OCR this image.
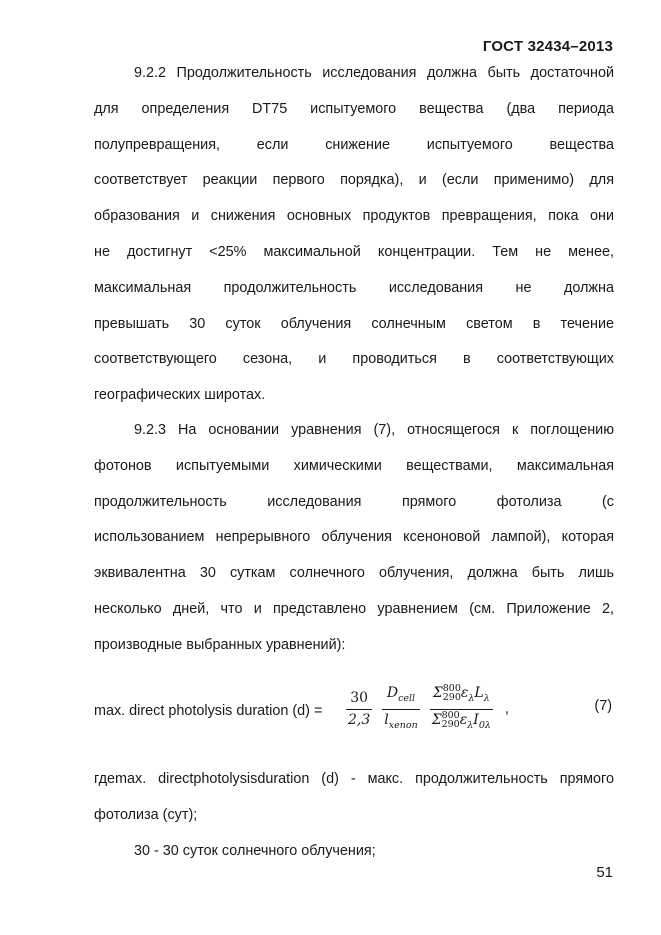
ГОСТ 32434–2013
9.2.2 Продолжительность исследования должна быть достаточной
для определения DT75 испытуемого вещества (два периода
полупревращения, если снижение испытуемого вещества
соответствует реакции первого порядка), и (если применимо) для
образования и снижения основных продуктов превращения, пока они
не достигнут <25% максимальной концентрации. Тем не менее,
максимальная продолжительность исследования не должна
превышать 30 суток облучения солнечным светом в течение
соответствующего сезона, и проводиться в соответствующих
географических широтах.
9.2.3 На основании уравнения (7), относящегося к поглощению
фотонов испытуемыми химическими веществами, максимальная
продолжительность исследования прямого фотолиза (с
использованием непрерывного облучения ксеноновой лампой), которая
эквивалентна 30 суткам солнечного облучения, должна быть лишь
несколько дней, что и представлено уравнением (см. Приложение 2,
производные выбранных уравнений):
max. direct photolysis duration $(d) = \frac{30}{2,3}$
$\frac{D_{cell}}{l_{xenon}}$
Σ 800
290 $\varepsilon_\lambda L_\lambda$
Σ 800
290 $\varepsilon_\lambda I_{0\lambda}$ ,	(7)
гдеmax. directphotolysisduration (d) - макс. продолжительность прямого
фотолиза (сут);
30 - 30 суток солнечного облучения;
51
